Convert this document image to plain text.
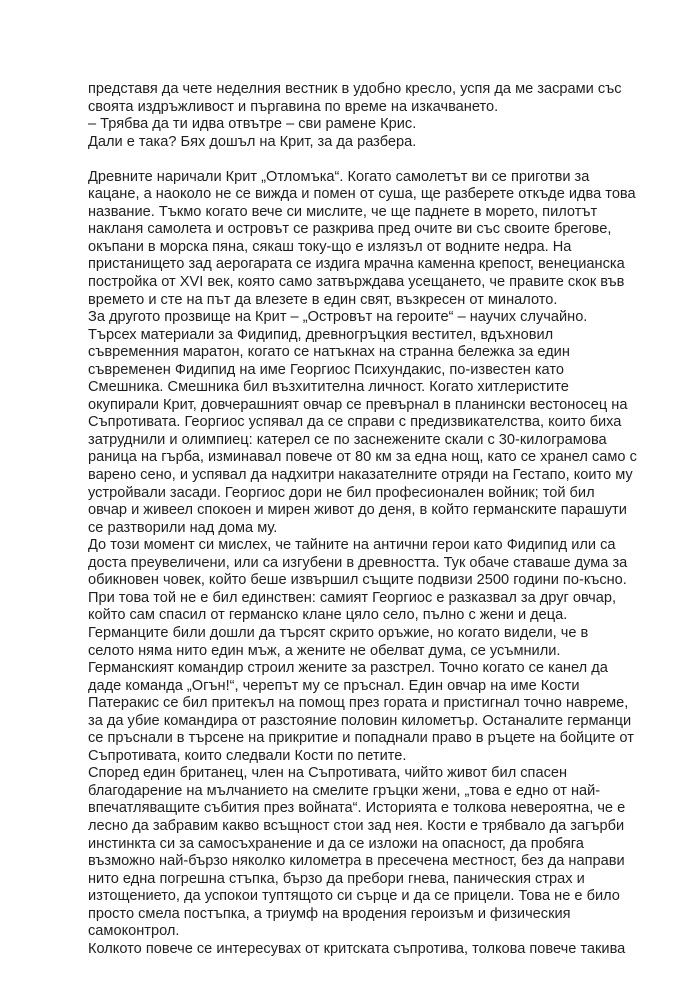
представя да чете неделния вестник в удобно кресло, успя да ме засрами със
своята издръжливост и пъргавина по време на изкачването.
– Трябва да ти идва отвътре – сви рамене Крис.
Дали е така? Бях дошъл на Крит, за да разбера.
Древните наричали Крит „Отломъка“. Когато самолетът ви се приготви за
кацане, а наоколо не се вижда и помен от суша, ще разберете откъде идва това
название. Тъкмо когато вече си мислите, че ще паднете в морето, пилотът
накланя самолета и островът се разкрива пред очите ви със своите брегове,
окъпани в морска пяна, сякаш току-що е излязъл от водните недра. На
пристанището зад аерогарата се издига мрачна каменна крепост, венецианска
постройка от XVI век, която само затвърждава усещането, че правите скок във
времето и сте на път да влезете в един свят, възкресен от миналото.
За другото прозвище на Крит – „Островът на героите“ – научих случайно.
Търсех материали за Фидипид, древногръцкия вестител, вдъхновил
съвременния маратон, когато се натъкнах на странна бележка за един
съвременен Фидипид на име Георгиос Психундакис, по-известен като
Смешника. Смешника бил възхитителна личност. Когато хитлеристите
окупирали Крит, довчерашният овчар се превърнал в планински вестоносец на
Съпротивата. Георгиос успявал да се справи с предизвикателства, които биха
затруднили и олимпиец: катерел се по заснежените скали с 30-килограмова
раница на гърба, изминавал повече от 80 км за една нощ, като се хранел само с
варено сено, и успявал да надхитри наказателните отряди на Гестапо, които му
устройвали засади. Георгиос дори не бил професионален войник; той бил
овчар и живеел спокоен и мирен живот до деня, в който германските парашути
се разтворили над дома му.
До този момент си мислех, че тайните на антични герои като Фидипид или са
доста преувеличени, или са изгубени в древността. Тук обаче ставаше дума за
обикновен човек, който беше извършил същите подвизи 2500 години по-късно.
При това той не е бил единствен: самият Георгиос е разказвал за друг овчар,
който сам спасил от германско клане цяло село, пълно с жени и деца.
Германците били дошли да търсят скрито оръжие, но когато видели, че в
селото няма нито един мъж, а жените не обелват дума, се усъмнили.
Германският командир строил жените за разстрел. Точно когато се канел да
даде команда „Огън!“, черепът му се пръснал. Един овчар на име Кости
Патеракис се бил притекъл на помощ през гората и пристигнал точно навреме,
за да убие командира от разстояние половин километър. Останалите германци
се пръснали в търсене на прикритие и попаднали право в ръцете на бойците от
Съпротивата, които следвали Кости по петите.
Според един британец, член на Съпротивата, чийто живот бил спасен
благодарение на мълчанието на смелите гръцки жени, „това е едно от най-
впечатляващите събития през войната“. Историята е толкова невероятна, че е
лесно да забравим какво всъщност стои зад нея. Кости е трябвало да загърби
инстинкта си за самосъхранение и да се изложи на опасност, да пробяга
възможно най-бързо няколко километра в пресечена местност, без да направи
нито една погрешна стъпка, бързо да пребори гнева, паническия страх и
изтощението, да успокои туптящото си сърце и да се прицели. Това не е било
просто смела постъпка, а триумф на вродения героизъм и физическия
самоконтрол.
Колкото повече се интересувах от критската съпротива, толкова повече такива
